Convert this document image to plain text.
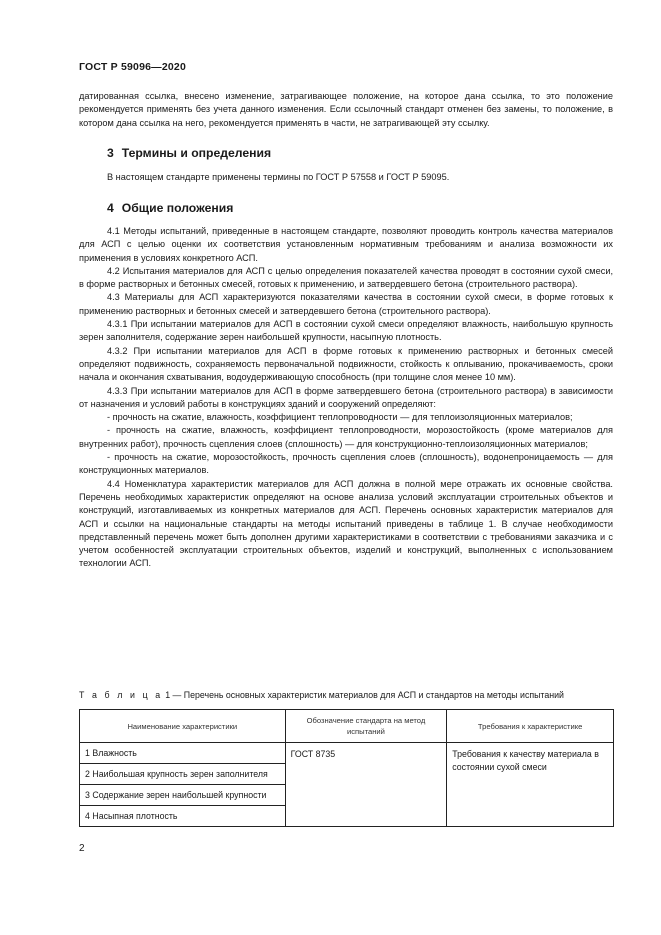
ГОСТ Р 59096—2020

датированная ссылка, внесено изменение, затрагивающее положение, на которое дана ссылка, то это положение рекомендуется применять без учета данного изменения. Если ссылочный стандарт отменен без замены, то положение, в котором дана ссылка на него, рекомендуется применять в части, не затрагивающей эту ссылку.

3 Термины и определения

В настоящем стандарте применены термины по ГОСТ Р 57558 и ГОСТ Р 59095.

4 Общие положения

4.1 Методы испытаний, приведенные в настоящем стандарте, позволяют проводить контроль качества материалов для АСП с целью оценки их соответствия установленным нормативным требованиям и анализа возможности их применения в условиях конкретного АСП.

4.2 Испытания материалов для АСП с целью определения показателей качества проводят в состоянии сухой смеси, в форме растворных и бетонных смесей, готовых к применению, и затвердевшего бетона (строительного раствора).

4.3 Материалы для АСП характеризуются показателями качества в состоянии сухой смеси, в форме готовых к применению растворных и бетонных смесей и затвердевшего бетона (строительного раствора).

4.3.1 При испытании материалов для АСП в состоянии сухой смеси определяют влажность, наибольшую крупность зерен заполнителя, содержание зерен наибольшей крупности, насыпную плотность.

4.3.2 При испытании материалов для АСП в форме готовых к применению растворных и бетонных смесей определяют подвижность, сохраняемость первоначальной подвижности, стойкость к оплыванию, прокачиваемость, сроки начала и окончания схватывания, водоудерживающую способность (при толщине слоя менее 10 мм).

4.3.3 При испытании материалов для АСП в форме затвердевшего бетона (строительного раствора) в зависимости от назначения и условий работы в конструкциях зданий и сооружений определяют:

- прочность на сжатие, влажность, коэффициент теплопроводности — для теплоизоляционных материалов;

- прочность на сжатие, влажность, коэффициент теплопроводности, морозостойкость (кроме материалов для внутренних работ), прочность сцепления слоев (сплошность) — для конструкционно-теплоизоляционных материалов;

- прочность на сжатие, морозостойкость, прочность сцепления слоев (сплошность), водонепроницаемость — для конструкционных материалов.

4.4 Номенклатура характеристик материалов для АСП должна в полной мере отражать их основные свойства. Перечень необходимых характеристик определяют на основе анализа условий эксплуатации строительных объектов и конструкций, изготавливаемых из конкретных материалов для АСП. Перечень основных характеристик материалов для АСП и ссылки на национальные стандарты на методы испытаний приведены в таблице 1. В случае необходимости представленный перечень может быть дополнен другими характеристиками в соответствии с требованиями заказчика и с учетом особенностей эксплуатации строительных объектов, изделий и конструкций, выполненных с использованием технологии АСП.

Т а б л и ц а 1 — Перечень основных характеристик материалов для АСП и стандартов на методы испытаний
Наименование характеристики	Обозначение стандарта на метод испытаний	Требования к характеристике
1 Влажность	ГОСТ 8735	Требования к качеству материала в состоянии сухой смеси
2 Наибольшая крупность зерен заполнителя		
3 Содержание зерен наибольшей крупности		
4 Насыпная плотность		
2
